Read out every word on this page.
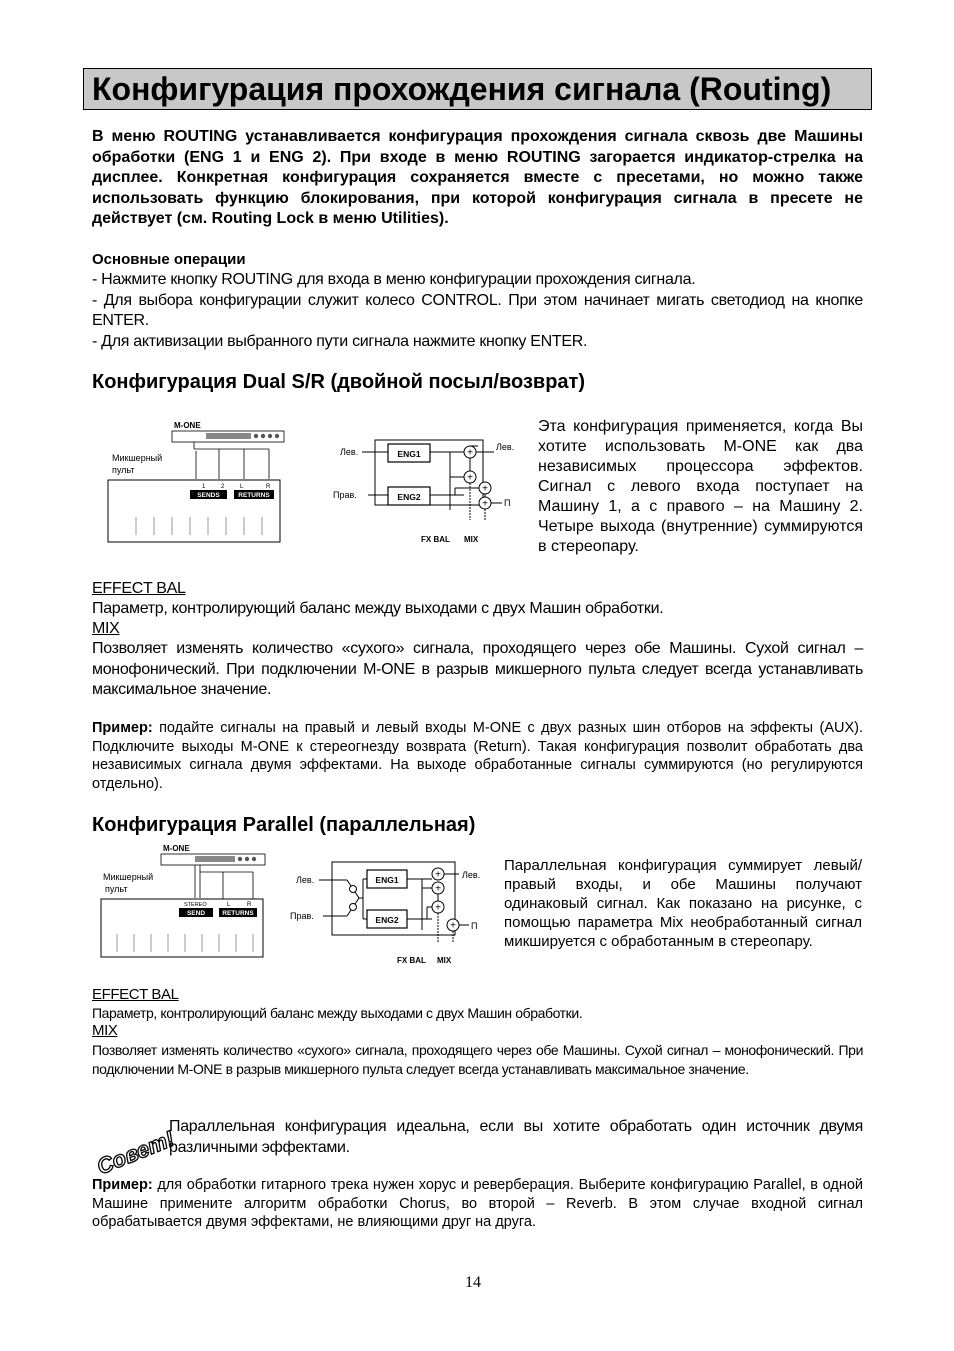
Конфигурация прохождения сигнала (Routing)
В меню ROUTING устанавливается конфигурация прохождения сигнала сквозь две Машины обработки (ENG 1 и ENG 2). При входе в меню ROUTING загорается индикатор-стрелка на дисплее. Конкретная конфигурация сохраняется вместе с пресетами, но можно также использовать функцию блокирования, при которой конфигурация сигнала в пресете не действует (см. Routing Lock в меню Utilities).
Основные операции
- Нажмите кнопку ROUTING для входа в меню конфигурации прохождения сигнала.
- Для выбора конфигурации служит колесо CONTROL. При этом начинает мигать светодиод на кнопке ENTER.
- Для активизации выбранного пути сигнала нажмите кнопку ENTER.
Конфигурация Dual S/R (двойной посыл/возврат)
M-ONE
Микшерный
пульт
1	2	L	R
SENDS	RETURNS
Лев.
Прав.
ENG1
ENG2
+
+
+
+
Лев.
П
FX BAL MIX
Эта конфигурация применяется, когда Вы хотите использовать M-ONE как два независимых процессора эффектов. Сигнал с левого входа поступает на Машину 1, а с правого – на Машину 2. Четыре выхода (внутренние) суммируются в стереопару.
EFFECT BAL
Параметр, контролирующий баланс между выходами с двух Машин обработки.
MIX
Позволяет изменять количество «сухого» сигнала, проходящего через обе Машины. Сухой сигнал – монофонический. При подключении M-ONE в разрыв микшерного пульта следует всегда устанавливать максимальное значение.
Пример: подайте сигналы на правый и левый входы M-ONE с двух разных шин отборов на эффекты (AUX). Подключите выходы M-ONE к стереогнезду возврата (Return). Такая конфигурация позволит обработать два независимых сигнала двумя эффектами. На выходе обработанные сигналы суммируются (но регулируются отдельно).
Конфигурация Parallel (параллельная)
M-ONE
Микшерный
пульт
STEREO	L	R
SEND	RETURNS
Лев.
Прав.
ENG1
ENG2
+
+
+
+
Лев.
П
FX BAL MIX
Параллельная конфигурация суммирует левый/правый входы, и обе Машины получают одинаковый сигнал. Как показано на рисунке, с помощью параметра Mix необработанный сигнал микшируется с обработанным в стереопару.
EFFECT BAL
Параметр, контролирующий баланс между выходами с двух Машин обработки.
MIX
Позволяет изменять количество «сухого» сигнала, проходящего через обе Машины. Сухой сигнал – монофонический. При подключении M-ONE в разрыв микшерного пульта следует всегда устанавливать максимальное значение.
Совет!
Параллельная конфигурация идеальна, если вы хотите обработать один источник двумя различными эффектами.
Пример: для обработки гитарного трека нужен хорус и реверберация. Выберите конфигурацию Parallel, в одной Машине примените алгоритм обработки Chorus, во второй – Reverb. В этом случае входной сигнал обрабатывается двумя эффектами, не влияющими друг на друга.
14
